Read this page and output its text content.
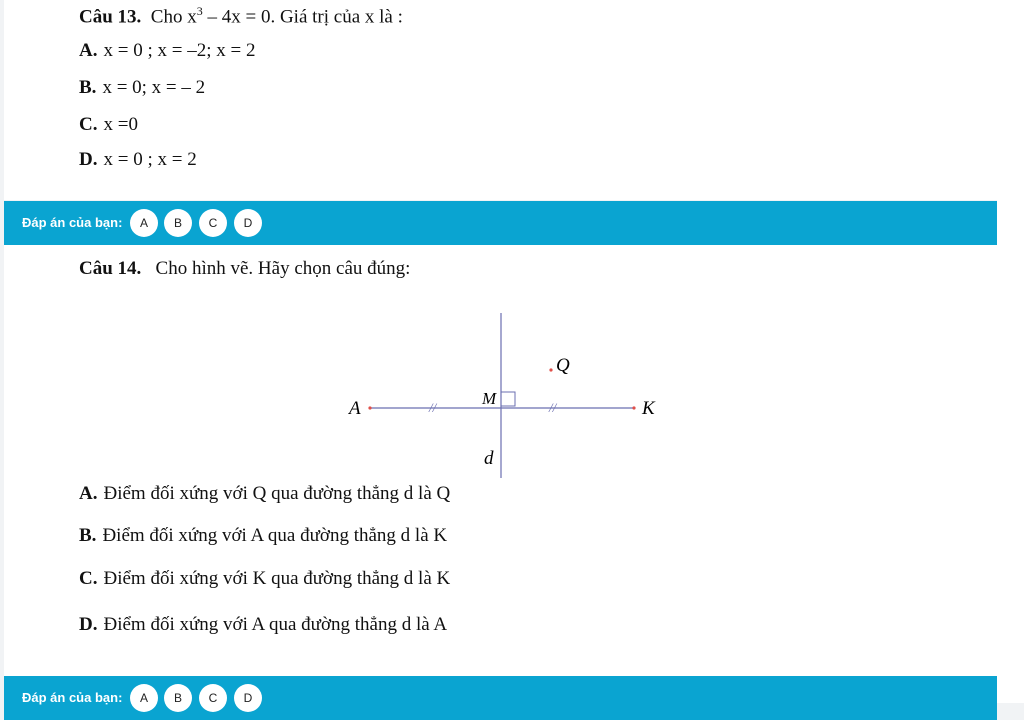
Câu 13. Cho $x^3 - 4x = 0$. Giá trị của x là :
A. x = 0 ; x = –2; x = 2
B. x = 0; x = – 2
C. x =0
D. x = 0 ; x = 2
Đáp án của bạn:	A	B	C	D
Câu 14. Cho hình vẽ. Hãy chọn câu đúng:
A	K
M
Q
d
//	//
A. Điểm đối xứng với Q qua đường thẳng d là Q
B. Điểm đối xứng với A qua đường thẳng d là K
C. Điểm đối xứng với K qua đường thẳng d là K
D. Điểm đối xứng với A qua đường thẳng d là A
Đáp án của bạn:	A	B	C	D
